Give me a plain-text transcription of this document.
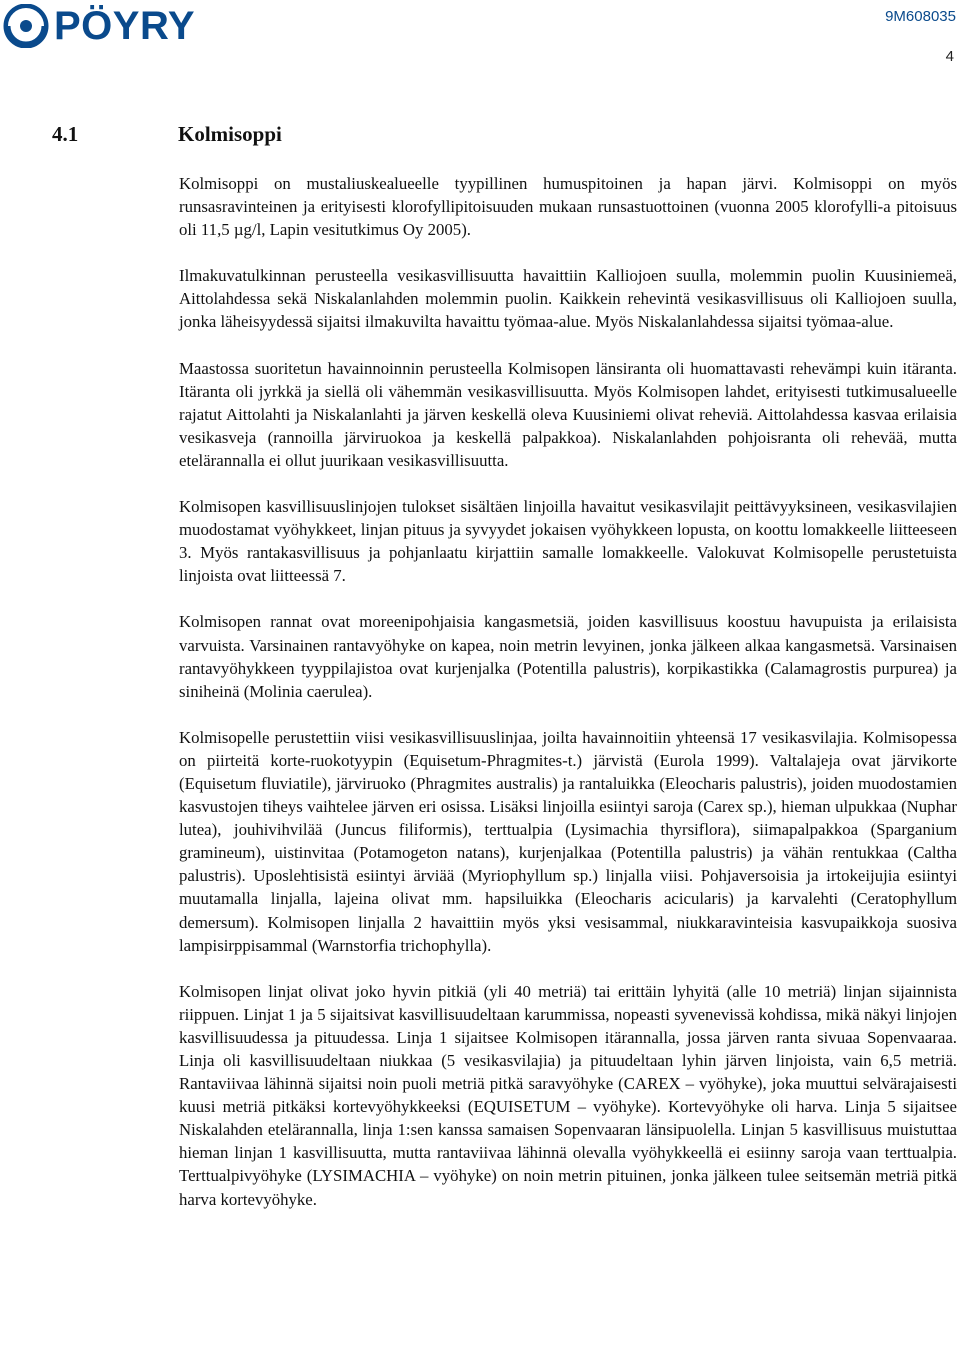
PÖYRY	9M608035
4
4.1	Kolmisoppi

Kolmisoppi on mustaliuskealueelle tyypillinen humuspitoinen ja hapan järvi. Kolmisoppi on myös runsasravinteinen ja erityisesti klorofyllipitoisuuden mukaan runsastuottoinen (vuonna 2005 klorofylli-a pitoisuus oli 11,5 µg/l, Lapin vesitutkimus Oy 2005).

Ilmakuvatulkinnan perusteella vesikasvillisuutta havaittiin Kalliojoen suulla, molemmin puolin Kuusiniemeä, Aittolahdessa sekä Niskalanlahden molemmin puolin. Kaikkein rehevintä vesikasvillisuus oli Kalliojoen suulla, jonka läheisyydessä sijaitsi ilmakuvilta havaittu työmaa-alue. Myös Niskalanlahdessa sijaitsi työmaa-alue.

Maastossa suoritetun havainnoinnin perusteella Kolmisopen länsiranta oli huomattavasti rehevämpi kuin itäranta. Itäranta oli jyrkkä ja siellä oli vähemmän vesikasvillisuutta. Myös Kolmisopen lahdet, erityisesti tutkimusalueelle rajatut Aittolahti ja Niskalanlahti ja järven keskellä oleva Kuusiniemi olivat reheviä. Aittolahdessa kasvaa erilaisia vesikasveja (rannoilla järviruokoa ja keskellä palpakkoa). Niskalanlahden pohjoisranta oli rehevää, mutta etelärannalla ei ollut juurikaan vesikasvillisuutta.

Kolmisopen kasvillisuuslinjojen tulokset sisältäen linjoilla havaitut vesikasvilajit peittävyyksineen, vesikasvilajien muodostamat vyöhykkeet, linjan pituus ja syvyydet jokaisen vyöhykkeen lopusta, on koottu lomakkeelle liitteeseen 3. Myös rantakasvillisuus ja pohjanlaatu kirjattiin samalle lomakkeelle. Valokuvat Kolmisopelle perustetuista linjoista ovat liitteessä 7.

Kolmisopen rannat ovat moreenipohjaisia kangasmetsiä, joiden kasvillisuus koostuu havupuista ja erilaisista varvuista. Varsinainen rantavyöhyke on kapea, noin metrin levyinen, jonka jälkeen alkaa kangasmetsä. Varsinaisen rantavyöhykkeen tyyppilajistoa ovat kurjenjalka (Potentilla palustris), korpikastikka (Calamagrostis purpurea) ja siniheinä (Molinia caerulea).

Kolmisopelle perustettiin viisi vesikasvillisuuslinjaa, joilta havainnoitiin yhteensä 17 vesikasvilajia. Kolmisopessa on piirteitä korte-ruokotyypin (Equisetum-Phragmites-t.) järvistä (Eurola 1999). Valtalajeja ovat järvikorte (Equisetum fluviatile), järviruoko (Phragmites australis) ja rantaluikka (Eleocharis palustris), joiden muodostamien kasvustojen tiheys vaihtelee järven eri osissa. Lisäksi linjoilla esiintyi saroja (Carex sp.), hieman ulpukkaa (Nuphar lutea), jouhivihvilää (Juncus filiformis), terttualpia (Lysimachia thyrsiflora), siimapalpakkoa (Sparganium gramineum), uistinvitaa (Potamogeton natans), kurjenjalkaa (Potentilla palustris) ja vähän rentukkaa (Caltha palustris). Uposlehtisistä esiintyi ärviää (Myriophyllum sp.) linjalla viisi. Pohjaversoisia ja irtokeijujia esiintyi muutamalla linjalla, lajeina olivat mm. hapsiluikka (Eleocharis acicularis) ja karvalehti (Ceratophyllum demersum). Kolmisopen linjalla 2 havaittiin myös yksi vesisammal, niukkaravinteisia kasvupaikkoja suosiva lampisirppisammal (Warnstorfia trichophylla).

Kolmisopen linjat olivat joko hyvin pitkiä (yli 40 metriä) tai erittäin lyhyitä (alle 10 metriä) linjan sijainnista riippuen. Linjat 1 ja 5 sijaitsivat kasvillisuudeltaan karummissa, nopeasti syvenevissä kohdissa, mikä näkyi linjojen kasvillisuudessa ja pituudessa. Linja 1 sijaitsee Kolmisopen itärannalla, jossa järven ranta sivuaa Sopenvaaraa. Linja oli kasvillisuudeltaan niukkaa (5 vesikasvilajia) ja pituudeltaan lyhin järven linjoista, vain 6,5 metriä. Rantaviivaa lähinnä sijaitsi noin puoli metriä pitkä saravyöhyke (CAREX – vyöhyke), joka muuttui selvärajaisesti kuusi metriä pitkäksi kortevyöhykkeeksi (EQUISETUM – vyöhyke). Kortevyöhyke oli harva. Linja 5 sijaitsee Niskalahden etelärannalla, linja 1:sen kanssa samaisen Sopenvaaran länsipuolella. Linjan 5 kasvillisuus muistuttaa hieman linjan 1 kasvillisuutta, mutta rantaviivaa lähinnä olevalla vyöhykkeellä ei esiinny saroja vaan terttualpia. Terttualpivyöhyke (LYSIMACHIA – vyöhyke) on noin metrin pituinen, jonka jälkeen tulee seitsemän metriä pitkä harva kortevyöhyke.
